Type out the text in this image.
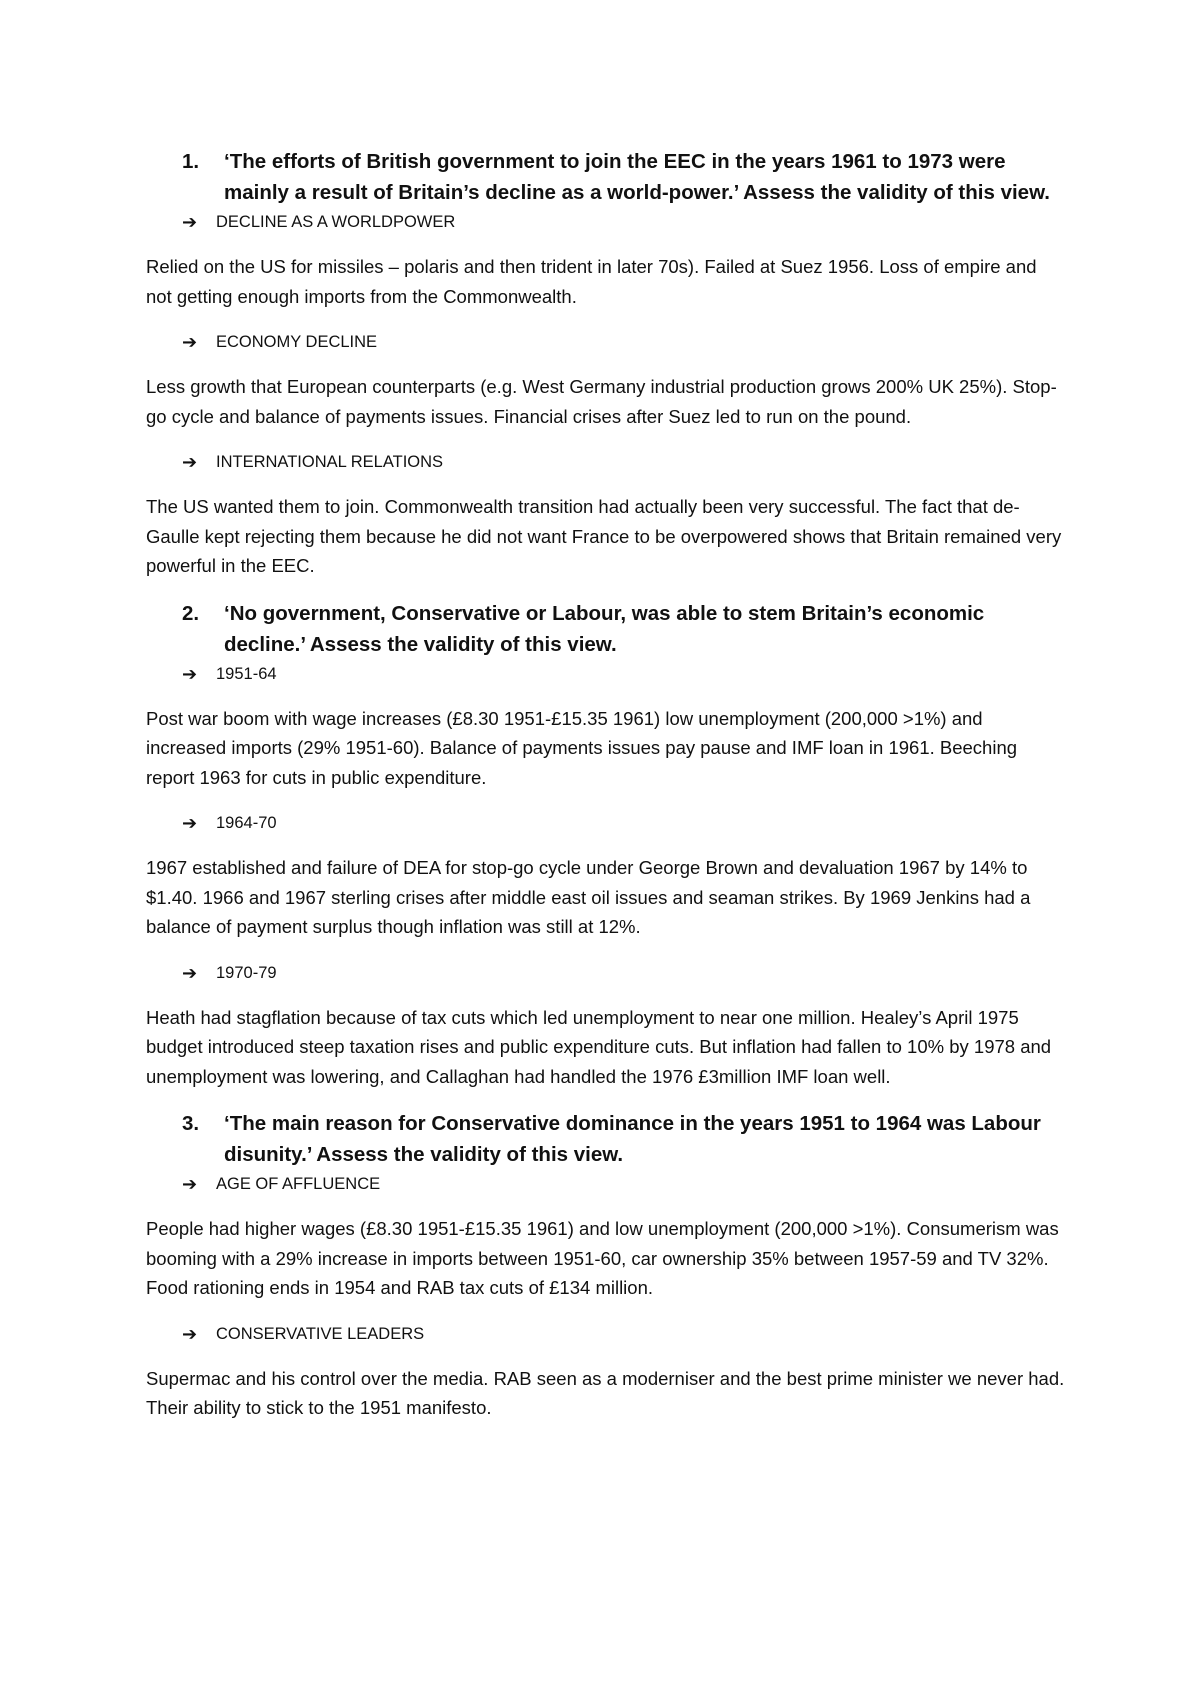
1.	‘The efforts of British government to join the EEC in the years 1961 to 1973 were mainly a result of Britain’s decline as a world-power.’ Assess the validity of this view.
➔	DECLINE AS A WORLDPOWER

Relied on the US for missiles – polaris and then trident in later 70s). Failed at Suez 1956. Loss of empire and not getting enough imports from the Commonwealth.

➔	ECONOMY DECLINE

Less growth that European counterparts (e.g. West Germany industrial production grows 200% UK 25%). Stop-go cycle and balance of payments issues. Financial crises after Suez led to run on the pound.

➔	INTERNATIONAL RELATIONS

The US wanted them to join. Commonwealth transition had actually been very successful. The fact that de-Gaulle kept rejecting them because he did not want France to be overpowered shows that Britain remained very powerful in the EEC.

2.	‘No government, Conservative or Labour, was able to stem Britain’s economic decline.’ Assess the validity of this view.
➔	1951-64

Post war boom with wage increases (£8.30 1951-£15.35 1961) low unemployment (200,000 >1%) and increased imports (29% 1951-60). Balance of payments issues pay pause and IMF loan in 1961. Beeching report 1963 for cuts in public expenditure.

➔	1964-70

1967 established and failure of DEA for stop-go cycle under George Brown and devaluation 1967 by 14% to $1.40. 1966 and 1967 sterling crises after middle east oil issues and seaman strikes. By 1969 Jenkins had a balance of payment surplus though inflation was still at 12%.

➔	1970-79

Heath had stagflation because of tax cuts which led unemployment to near one million. Healey’s April 1975 budget introduced steep taxation rises and public expenditure cuts. But inflation had fallen to 10% by 1978 and unemployment was lowering, and Callaghan had handled the 1976 £3million IMF loan well.

3.	‘The main reason for Conservative dominance in the years 1951 to 1964 was Labour disunity.’ Assess the validity of this view.
➔	AGE OF AFFLUENCE

People had higher wages (£8.30 1951-£15.35 1961) and low unemployment (200,000 >1%). Consumerism was booming with a 29% increase in imports between 1951-60, car ownership 35% between 1957-59 and TV 32%. Food rationing ends in 1954 and RAB tax cuts of £134 million.

➔	CONSERVATIVE LEADERS

Supermac and his control over the media. RAB seen as a moderniser and the best prime minister we never had. Their ability to stick to the 1951 manifesto.
